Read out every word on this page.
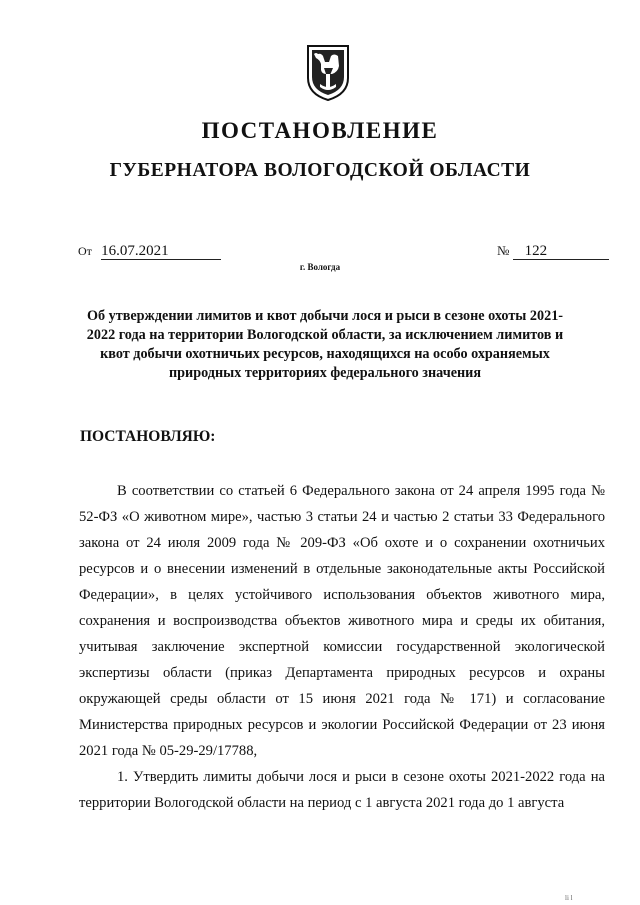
ПОСТАНОВЛЕНИЕ
ГУБЕРНАТОРА ВОЛОГОДСКОЙ ОБЛАСТИ
От 16.07.2021	№ 122
г. Вологда
Об утверждении лимитов и квот добычи лося и рыси в сезоне охоты 2021-2022 года на территории Вологодской области, за исключением лимитов и квот добычи охотничьих ресурсов, находящихся на особо охраняемых природных территориях федерального значения
ПОСТАНОВЛЯЮ:

В соответствии со статьей 6 Федерального закона от 24 апреля 1995 года № 52-ФЗ «О животном мире», частью 3 статьи 24 и частью 2 статьи 33 Федерального закона от 24 июля 2009 года № 209-ФЗ «Об охоте и о сохранении охотничьих ресурсов и о внесении изменений в отдельные законодательные акты Российской Федерации», в целях устойчивого использования объектов животного мира, сохранения и воспроизводства объектов животного мира и среды их обитания, учитывая заключение экспертной комиссии государственной экологической экспертизы области (приказ Департамента природных ресурсов и охраны окружающей среды области от 15 июня 2021 года № 171) и согласование Министерства природных ресурсов и экологии Российской Федерации от 23 июня 2021 года № 05-29-29/17788,

1. Утвердить лимиты добычи лося и рыси в сезоне охоты 2021-2022 года на территории Вологодской области на период с 1 августа 2021 года до 1 августа

li l
